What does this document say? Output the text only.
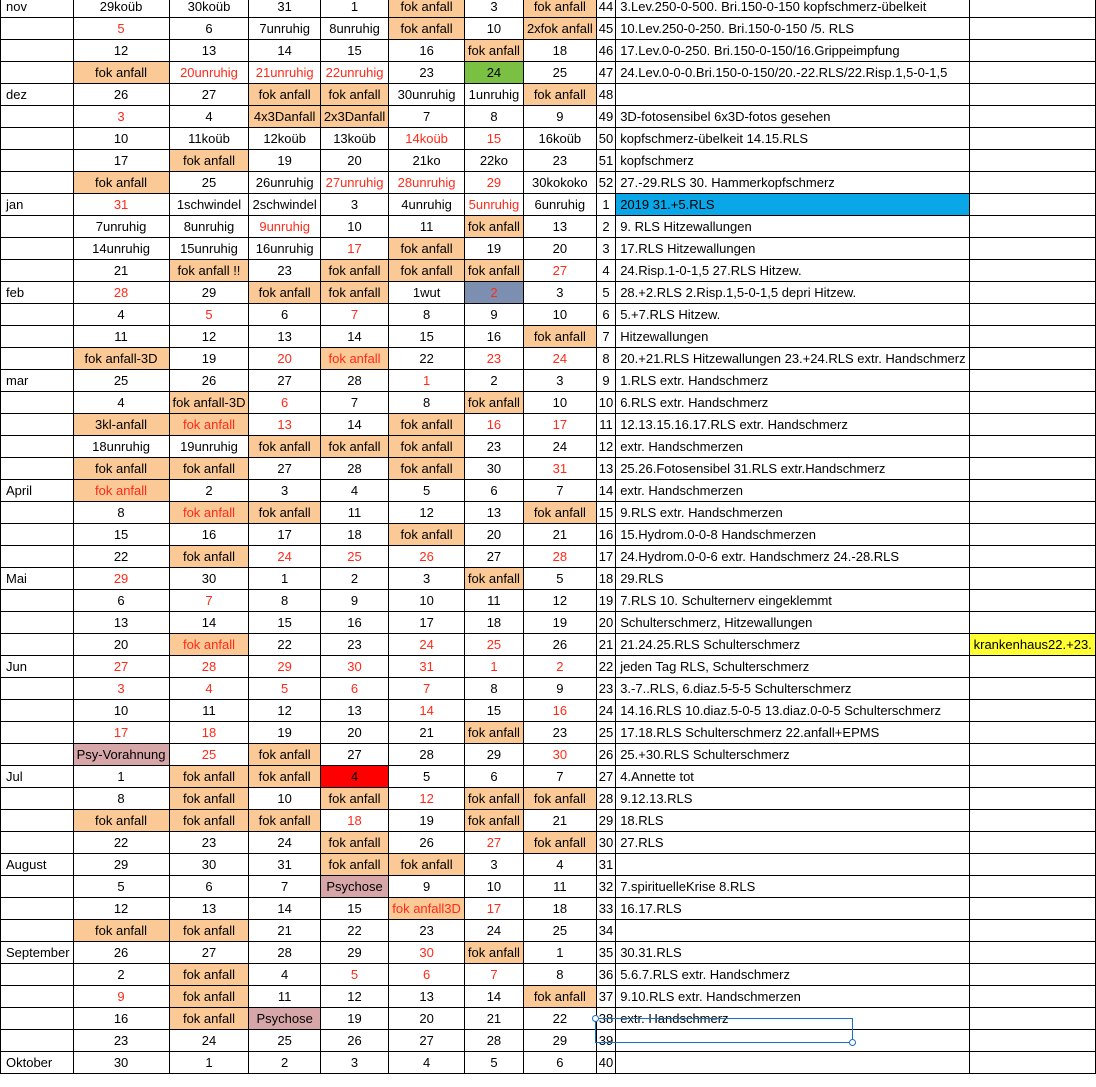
nov	29koüb	30koüb	31	1	fok anfall	3	fok anfall	44	3.Lev.250-0-500. Bri.150-0-150 kopfschmerz-übelkeit	
	5	6	7unruhig	8unruhig	fok anfall	10	2xfok anfall	45	10.Lev.250-0-250. Bri.150-0-150 /5. RLS	
	12	13	14	15	16	fok anfall	18	46	17.Lev.0-0-250. Bri.150-0-150/16.Grippeimpfung	
	fok anfall	20unruhig	21unruhig	22unruhig	23	24	25	47	24.Lev.0-0-0.Bri.150-0-150/20.-22.RLS/22.Risp.1,5-0-1,5	
dez	26	27	fok anfall	fok anfall	30unruhig	1unruhig	fok anfall	48		
	3	4	4x3Danfall	2x3Danfall	7	8	9	49	3D-fotosensibel 6x3D-fotos gesehen	
	10	11koüb	12koüb	13koüb	14koüb	15	16koüb	50	kopfschmerz-übelkeit 14.15.RLS	
	17	fok anfall	19	20	21ko	22ko	23	51	kopfschmerz	
	fok anfall	25	26unruhig	27unruhig	28unruhig	29	30kokoko	52	27.-29.RLS 30. Hammerkopfschmerz	
jan	31	1schwindel	2schwindel	3	4unruhig	5unruhig	6unruhig	1	2019 31.+5.RLS	
	7unruhig	8unruhig	9unruhig	10	11	fok anfall	13	2	9. RLS Hitzewallungen	
	14unruhig	15unruhig	16unruhig	17	fok anfall	19	20	3	17.RLS Hitzewallungen	
	21	fok anfall !!	23	fok anfall	fok anfall	fok anfall	27	4	24.Risp.1-0-1,5 27.RLS Hitzew.	
feb	28	29	fok anfall	fok anfall	1wut	2	3	5	28.+2.RLS 2.Risp.1,5-0-1,5 depri Hitzew.	
	4	5	6	7	8	9	10	6	5.+7.RLS Hitzew.	
	11	12	13	14	15	16	fok anfall	7	Hitzewallungen	
	fok anfall-3D	19	20	fok anfall	22	23	24	8	20.+21.RLS Hitzewallungen 23.+24.RLS extr. Handschmerz	
mar	25	26	27	28	1	2	3	9	1.RLS extr. Handschmerz	
	4	fok anfall-3D	6	7	8	fok anfall	10	10	6.RLS extr. Handschmerz	
	3kl-anfall	fok anfall	13	14	fok anfall	16	17	11	12.13.15.16.17.RLS extr. Handschmerz	
	18unruhig	19unruhig	fok anfall	fok anfall	fok anfall	23	24	12	extr. Handschmerzen	
	fok anfall	fok anfall	27	28	fok anfall	30	31	13	25.26.Fotosensibel 31.RLS extr.Handschmerz	
April	fok anfall	2	3	4	5	6	7	14	extr. Handschmerzen	
	8	fok anfall	fok anfall	11	12	13	fok anfall	15	9.RLS extr. Handschmerzen	
	15	16	17	18	fok anfall	20	21	16	15.Hydrom.0-0-8 Handschmerzen	
	22	fok anfall	24	25	26	27	28	17	24.Hydrom.0-0-6 extr. Handschmerz 24.-28.RLS	
Mai	29	30	1	2	3	fok anfall	5	18	29.RLS	
	6	7	8	9	10	11	12	19	7.RLS 10. Schulternerv eingeklemmt	
	13	14	15	16	17	18	19	20	Schulterschmerz, Hitzewallungen	
	20	fok anfall	22	23	24	25	26	21	21.24.25.RLS Schulterschmerz	krankenhaus22.+23.
Jun	27	28	29	30	31	1	2	22	jeden Tag RLS, Schulterschmerz	
	3	4	5	6	7	8	9	23	3.-7..RLS, 6.diaz.5-5-5 Schulterschmerz	
	10	11	12	13	14	15	16	24	14.16.RLS 10.diaz.5-0-5 13.diaz.0-0-5 Schulterschmerz	
	17	18	19	20	21	fok anfall	23	25	17.18.RLS Schulterschmerz 22.anfall+EPMS	
	Psy-Vorahnung	25	fok anfall	27	28	29	30	26	25.+30.RLS Schulterschmerz	
Jul	1	fok anfall	fok anfall	4	5	6	7	27	4.Annette tot	
	8	fok anfall	10	fok anfall	12	fok anfall	fok anfall	28	9.12.13.RLS	
	fok anfall	fok anfall	fok anfall	18	19	fok anfall	21	29	18.RLS	
	22	23	24	fok anfall	26	27	fok anfall	30	27.RLS	
August	29	30	31	fok anfall	fok anfall	3	4	31		
	5	6	7	Psychose	9	10	11	32	7.spirituelleKrise 8.RLS	
	12	13	14	15	fok anfall3D	17	18	33	16.17.RLS	
	fok anfall	fok anfall	21	22	23	24	25	34		
September	26	27	28	29	30	fok anfall	1	35	30.31.RLS	
	2	fok anfall	4	5	6	7	8	36	5.6.7.RLS extr. Handschmerz	
	9	fok anfall	11	12	13	14	fok anfall	37	9.10.RLS extr. Handschmerzen	
	16	fok anfall	Psychose	19	20	21	22	38	extr. Handschmerz	
	23	24	25	26	27	28	29	39		
Oktober	30	1	2	3	4	5	6	40		
